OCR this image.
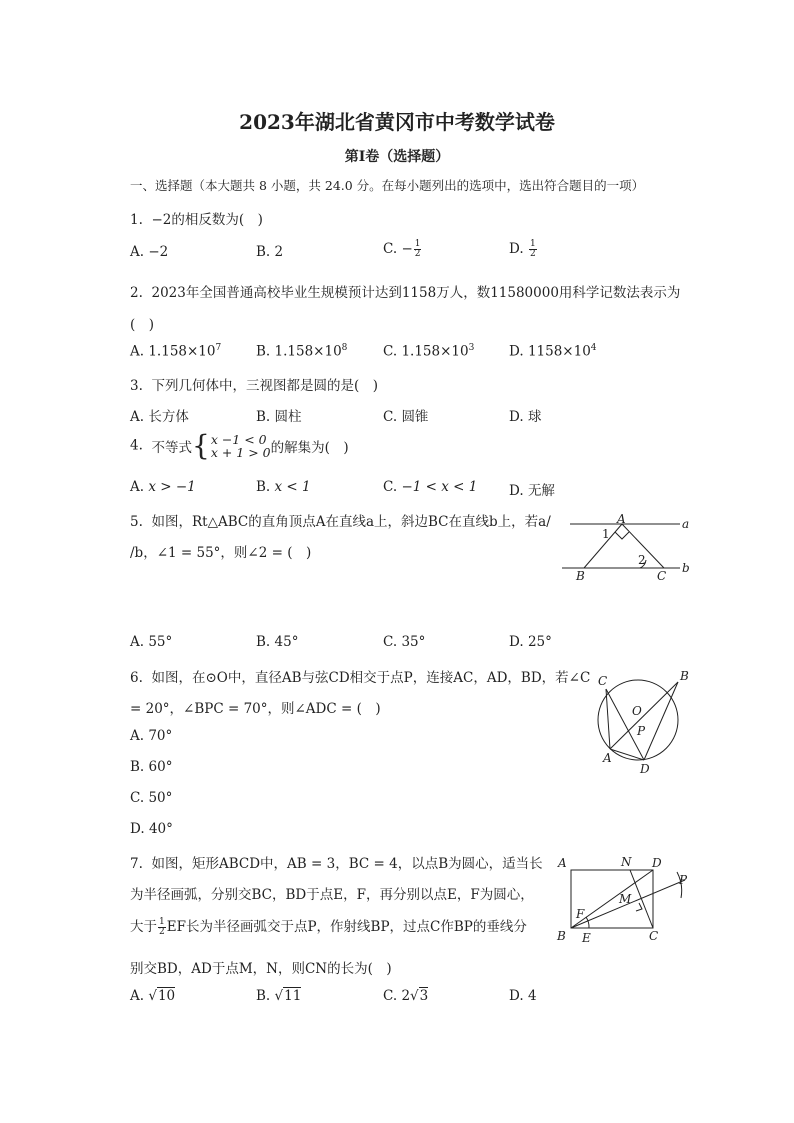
2023年湖北省黄冈市中考数学试卷
第I卷（选择题）
一、选择题（本大题共 8 小题，共 24.0 分。在每小题列出的选项中，选出符合题目的一项）
1. −2的相反数为(　)
A. −2	B. 2	C. − $\frac{1}{2}$	D. $\frac{1}{2}$
2. 2023年全国普通高校毕业生规模预计达到1158万人，数11580000用科学记数法表示为
(　)
A. $1.158\times 10^7$	B. $1.158\times 10^8$	C. $1.158\times 10^3$	D. $1158\times 10^4$
3. 下列几何体中，三视图都是圆的是(　)
A. 长方体	B. 圆柱	C. 圆锥	D. 球
4. 不等式{ x −1 < 0
x + 1 > 0 的解集为(　)
A. x > −1	B. x < 1	C. −1 < x < 1 D. 无解
5. 如图，Rt△ABC的直角顶点A在直线a上，斜边BC在直线b上，若a/
/b，∠1 = 55°，则∠2 = (　)
A	a
b
B	C
1
2
A. 55°	B. 45°	C. 35°	D. 25°
6. 如图，在⊙O中，直径AB与弦CD相交于点P，连接AC，AD，BD，若∠C
= 20°，∠BPC = 70°，则∠ADC = (　)
C	B
O
P
A
D
A. 70°
B. 60°
C. 50°
D. 40°
7. 如图，矩形ABCD中，AB = 3，BC = 4，以点B为圆心，适当长
为半径画弧，分别交BC，BD于点E，F，再分别以点E，F为圆心，
大于 $\frac{1}{2}$ EF长为半径画弧交于点P，作射线BP，过点C作BP的垂线分
别交BD，AD于点M，N，则CN的长为(　)
A	N D
P
M
F
B E	C
A. √10	B. √11	C. 2√3	D. 4
